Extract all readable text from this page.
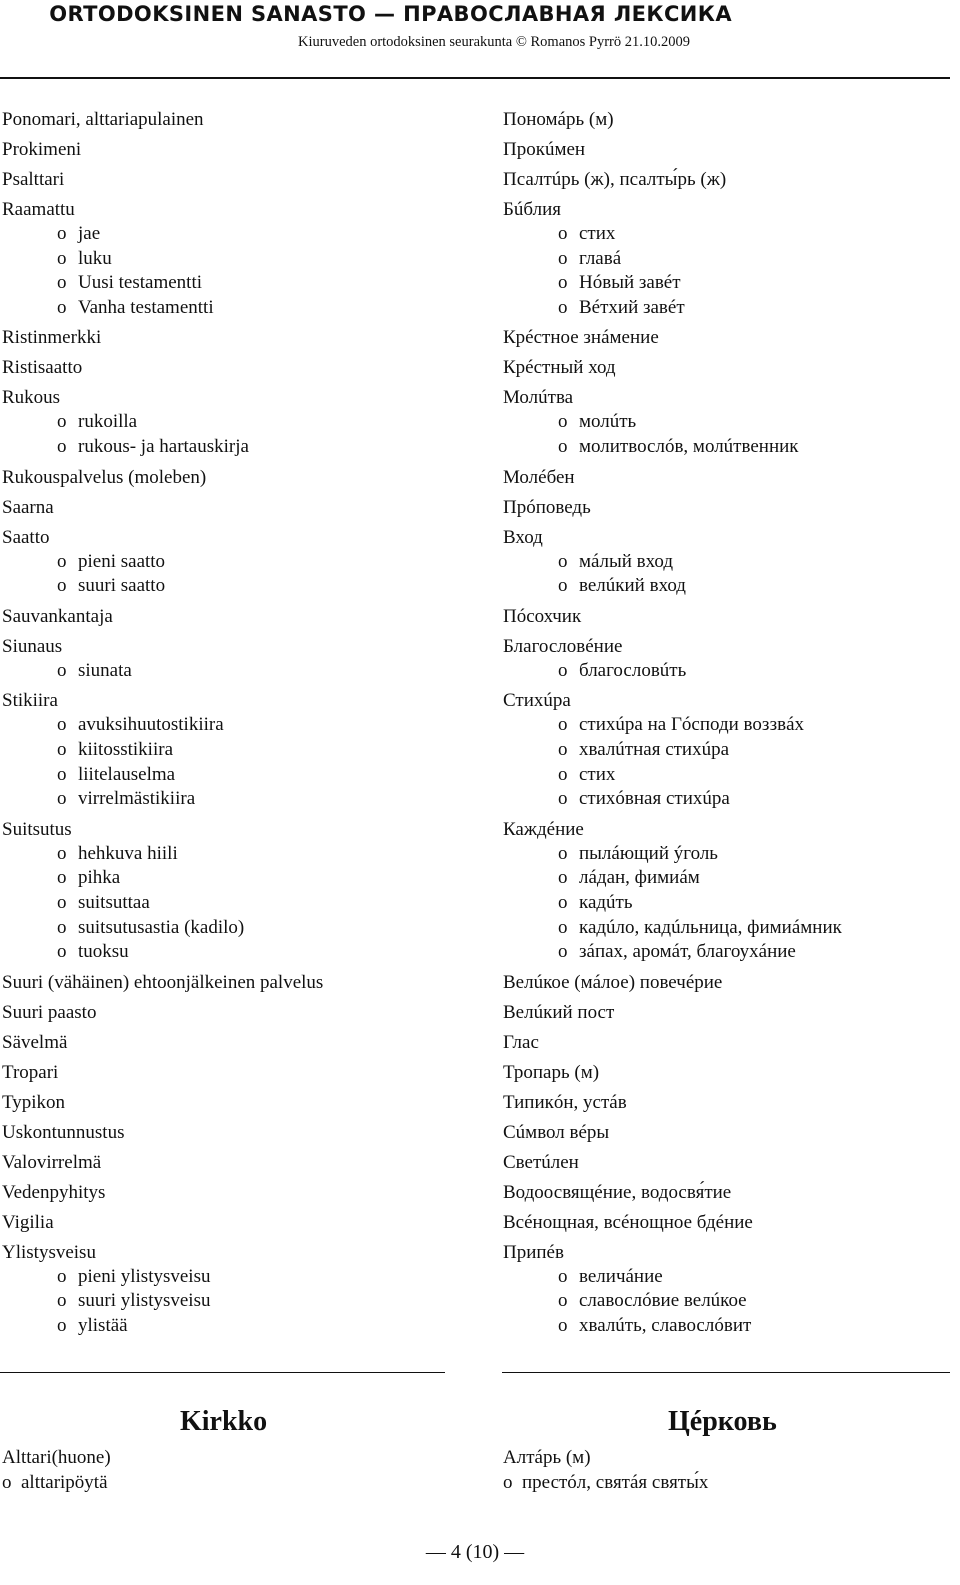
ORTODOKSINEN SANASTO — ПРАВОСЛАВНАЯ ЛЕКСИКА
Kiuruveden ortodoksinen seurakunta © Romanos Pyrrö 21.10.2009
Ponomari, alttariapulainen
Prokimeni
Psalttari
Raamattu
o jae
o luku
o Uusi testamentti
o Vanha testamentti
Ristinmerkki
Ristisaatto
Rukous
o rukoilla
o rukous- ja hartauskirja
Rukouspalvelus (moleben)
Saarna
Saatto
o pieni saatto
o suuri saatto
Sauvankantaja
Siunaus
o siunata
Stikiira
o avuksihuutostikiira
o kiitosstikiira
o liitelauselma
o virrelmästikiira
Suitsutus
o hehkuva hiili
o pihka
o suitsuttaa
o suitsutusastia (kadilo)
o tuoksu
Suuri (vähäinen) ehtoonjälkeinen palvelus
Suuri paasto
Sävelmä
Tropari
Typikon
Uskontunnustus
Valovirrelmä
Vedenpyhitys
Vigilia
Ylistysveisu
o pieni ylistysveisu
o suuri ylistysveisu
o ylistää
Пономáрь (м)
Прокúмен
Псалтúрь (ж), псалты́рь (ж)
Бúблия
o стих
o главá
o Нóвый завéт
o Вéтхий завéт
Крéстное знáмение
Крéстный ход
Молúтва
o молúть
o молитвослóв, молúтвенник
Молéбен
Прóповедь
Вход
o мáлый вход
o велúкий вход
Пóсохчик
Благословéние
o благословúть
Стихúра
o стихúра на Гóсподи воззвáх
o хвалúтная стихúра
o стих
o стихóвная стихúра
Каждéние
o пылáющий ýголь
o лáдан, фимиáм
o кадúть
o кадúло, кадúльница, фимиáмник
o зáпах, аромáт, благоухáние
Велúкое (мáлое) повечéрие
Велúкий пост
Глас
Тропарь (м)
Типикóн, устáв
Сúмвол вéры
Светúлен
Водоосвящéние, водосвя́тие
Всéнощная, всéнощное бдéние
Припéв
o величáние
o славослóвие велúкое
o хвалúть, славослóвит
Kirkko	Цéрковь
Alttari(huone)
o alttaripöytä
Алтáрь (м)
o престóл, святáя святы́х
— 4 (10) —
